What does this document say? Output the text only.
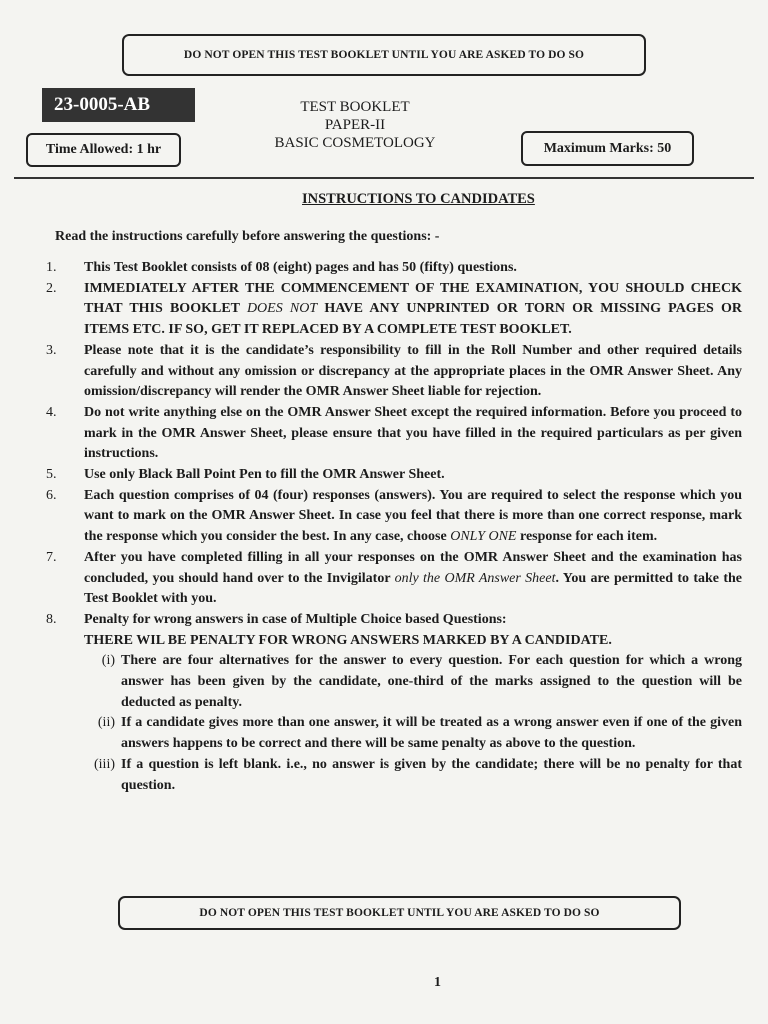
DO NOT OPEN THIS TEST BOOKLET UNTIL YOU ARE ASKED TO DO SO
23-0005-AB	TEST BOOKLET
PAPER-II
BASIC COSMETOLOGY
Time Allowed: 1 hr	Maximum Marks: 50
INSTRUCTIONS TO CANDIDATES
Read the instructions carefully before answering the questions: -
1.	This Test Booklet consists of 08 (eight) pages and has 50 (fifty) questions.
2.	IMMEDIATELY AFTER THE COMMENCEMENT OF THE EXAMINATION, YOU SHOULD CHECK THAT THIS BOOKLET DOES NOT HAVE ANY UNPRINTED OR TORN OR MISSING PAGES OR ITEMS ETC. IF SO, GET IT REPLACED BY A COMPLETE TEST BOOKLET.
3.	Please note that it is the candidate’s responsibility to fill in the Roll Number and other required details carefully and without any omission or discrepancy at the appropriate places in the OMR Answer Sheet. Any omission/discrepancy will render the OMR Answer Sheet liable for rejection.
4.	Do not write anything else on the OMR Answer Sheet except the required information. Before you proceed to mark in the OMR Answer Sheet, please ensure that you have filled in the required particulars as per given instructions.
5.	Use only Black Ball Point Pen to fill the OMR Answer Sheet.
6.	Each question comprises of 04 (four) responses (answers). You are required to select the response which you want to mark on the OMR Answer Sheet. In case you feel that there is more than one correct response, mark the response which you consider the best. In any case, choose ONLY ONE response for each item.
7.	After you have completed filling in all your responses on the OMR Answer Sheet and the examination has concluded, you should hand over to the Invigilator only the OMR Answer Sheet. You are permitted to take the Test Booklet with you.
8.	Penalty for wrong answers in case of Multiple Choice based Questions:
THERE WIL BE PENALTY FOR WRONG ANSWERS MARKED BY A CANDIDATE.
(i) There are four alternatives for the answer to every question. For each question for which a wrong answer has been given by the candidate, one-third of the marks assigned to the question will be deducted as penalty.
(ii) If a candidate gives more than one answer, it will be treated as a wrong answer even if one of the given answers happens to be correct and there will be same penalty as above to the question.
(iii) If a question is left blank. i.e., no answer is given by the candidate; there will be no penalty for that question.
DO NOT OPEN THIS TEST BOOKLET UNTIL YOU ARE ASKED TO DO SO
1
